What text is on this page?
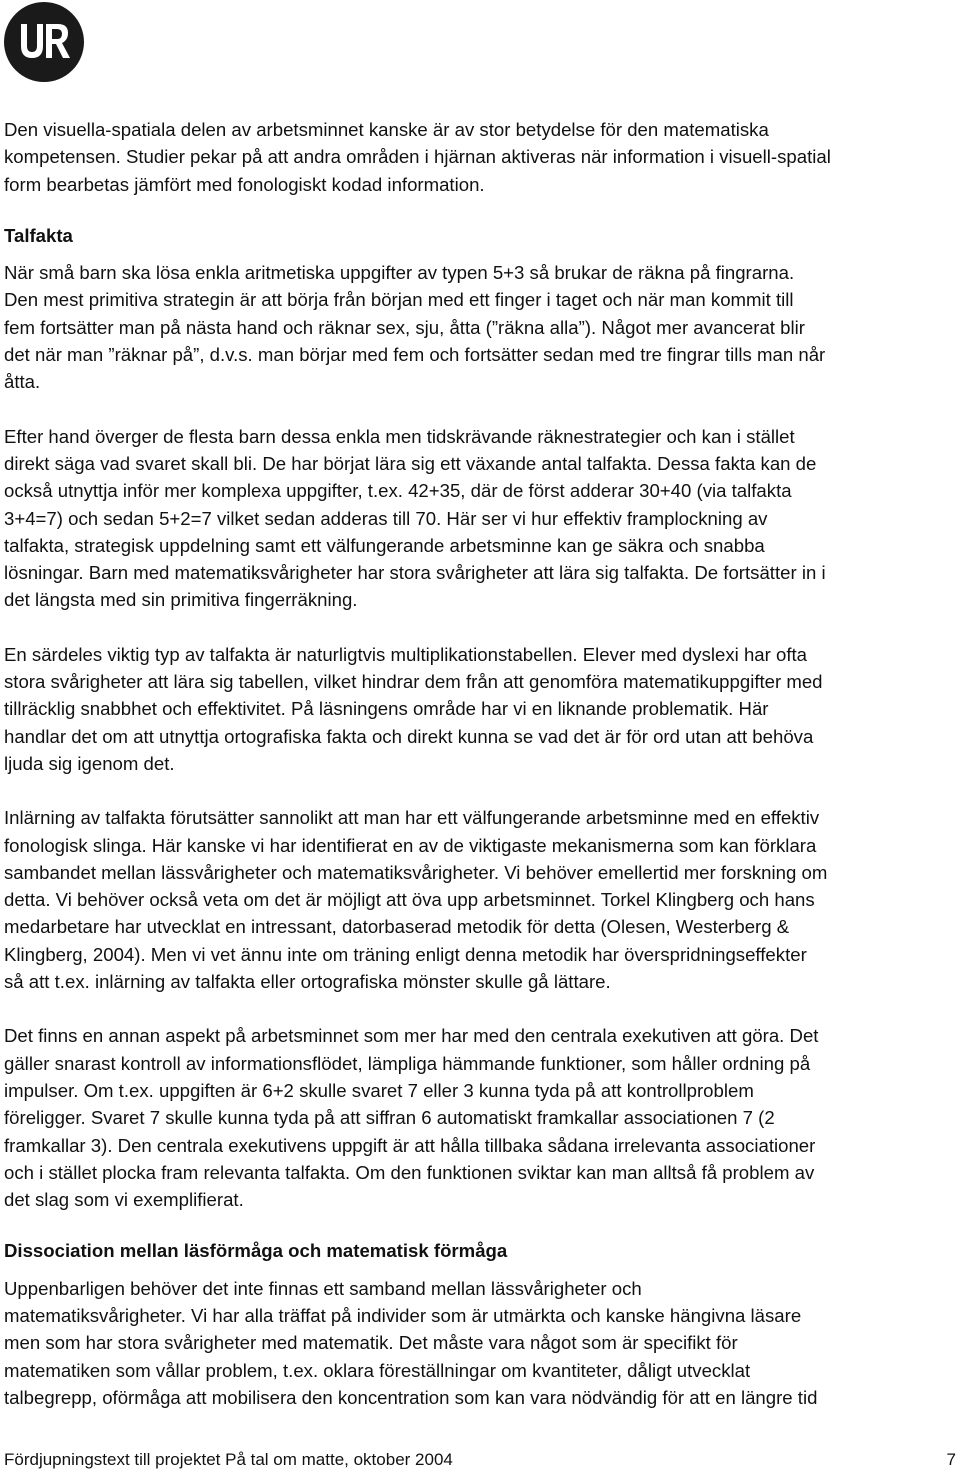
Den visuella-spatiala delen av arbetsminnet kanske är av stor betydelse för den matematiska
kompetensen. Studier pekar på att andra områden i hjärnan aktiveras när information i visuell-spatial
form bearbetas jämfört med fonologiskt kodad information.

Talfakta

När små barn ska lösa enkla aritmetiska uppgifter av typen 5+3 så brukar de räkna på fingrarna.
Den mest primitiva strategin är att börja från början med ett finger i taget och när man kommit till
fem fortsätter man på nästa hand och räknar sex, sju, åtta (”räkna alla”). Något mer avancerat blir
det när man ”räknar på”, d.v.s. man börjar med fem och fortsätter sedan med tre fingrar tills man når
åtta.

Efter hand överger de flesta barn dessa enkla men tidskrävande räknestrategier och kan i stället
direkt säga vad svaret skall bli. De har börjat lära sig ett växande antal talfakta. Dessa fakta kan de
också utnyttja inför mer komplexa uppgifter, t.ex. 42+35, där de först adderar 30+40 (via talfakta
3+4=7) och sedan 5+2=7 vilket sedan adderas till 70. Här ser vi hur effektiv framplockning av
talfakta, strategisk uppdelning samt ett välfungerande arbetsminne kan ge säkra och snabba
lösningar. Barn med matematiksvårigheter har stora svårigheter att lära sig talfakta. De fortsätter in i
det längsta med sin primitiva fingerräkning.

En särdeles viktig typ av talfakta är naturligtvis multiplikationstabellen. Elever med dyslexi har ofta
stora svårigheter att lära sig tabellen, vilket hindrar dem från att genomföra matematikuppgifter med
tillräcklig snabbhet och effektivitet. På läsningens område har vi en liknande problematik. Här
handlar det om att utnyttja ortografiska fakta och direkt kunna se vad det är för ord utan att behöva
ljuda sig igenom det.

Inlärning av talfakta förutsätter sannolikt att man har ett välfungerande arbetsminne med en effektiv
fonologisk slinga. Här kanske vi har identifierat en av de viktigaste mekanismerna som kan förklara
sambandet mellan lässvårigheter och matematiksvårigheter. Vi behöver emellertid mer forskning om
detta. Vi behöver också veta om det är möjligt att öva upp arbetsminnet. Torkel Klingberg och hans
medarbetare har utvecklat en intressant, datorbaserad metodik för detta (Olesen, Westerberg &
Klingberg, 2004). Men vi vet ännu inte om träning enligt denna metodik har överspridningseffekter
så att t.ex. inlärning av talfakta eller ortografiska mönster skulle gå lättare.

Det finns en annan aspekt på arbetsminnet som mer har med den centrala exekutiven att göra. Det
gäller snarast kontroll av informationsflödet, lämpliga hämmande funktioner, som håller ordning på
impulser. Om t.ex. uppgiften är 6+2 skulle svaret 7 eller 3 kunna tyda på att kontrollproblem
föreligger. Svaret 7 skulle kunna tyda på att siffran 6 automatiskt framkallar associationen 7 (2
framkallar 3). Den centrala exekutivens uppgift är att hålla tillbaka sådana irrelevanta associationer
och i stället plocka fram relevanta talfakta. Om den funktionen sviktar kan man alltså få problem av
det slag som vi exemplifierat.

Dissociation mellan läsförmåga och matematisk förmåga

Uppenbarligen behöver det inte finnas ett samband mellan lässvårigheter och
matematiksvårigheter. Vi har alla träffat på individer som är utmärkta och kanske hängivna läsare
men som har stora svårigheter med matematik. Det måste vara något som är specifikt för
matematiken som vållar problem, t.ex. oklara föreställningar om kvantiteter, dåligt utvecklat
talbegrepp, oförmåga att mobilisera den koncentration som kan vara nödvändig för att en längre tid

Fördjupningstext till projektet På tal om matte, oktober 2004	7
